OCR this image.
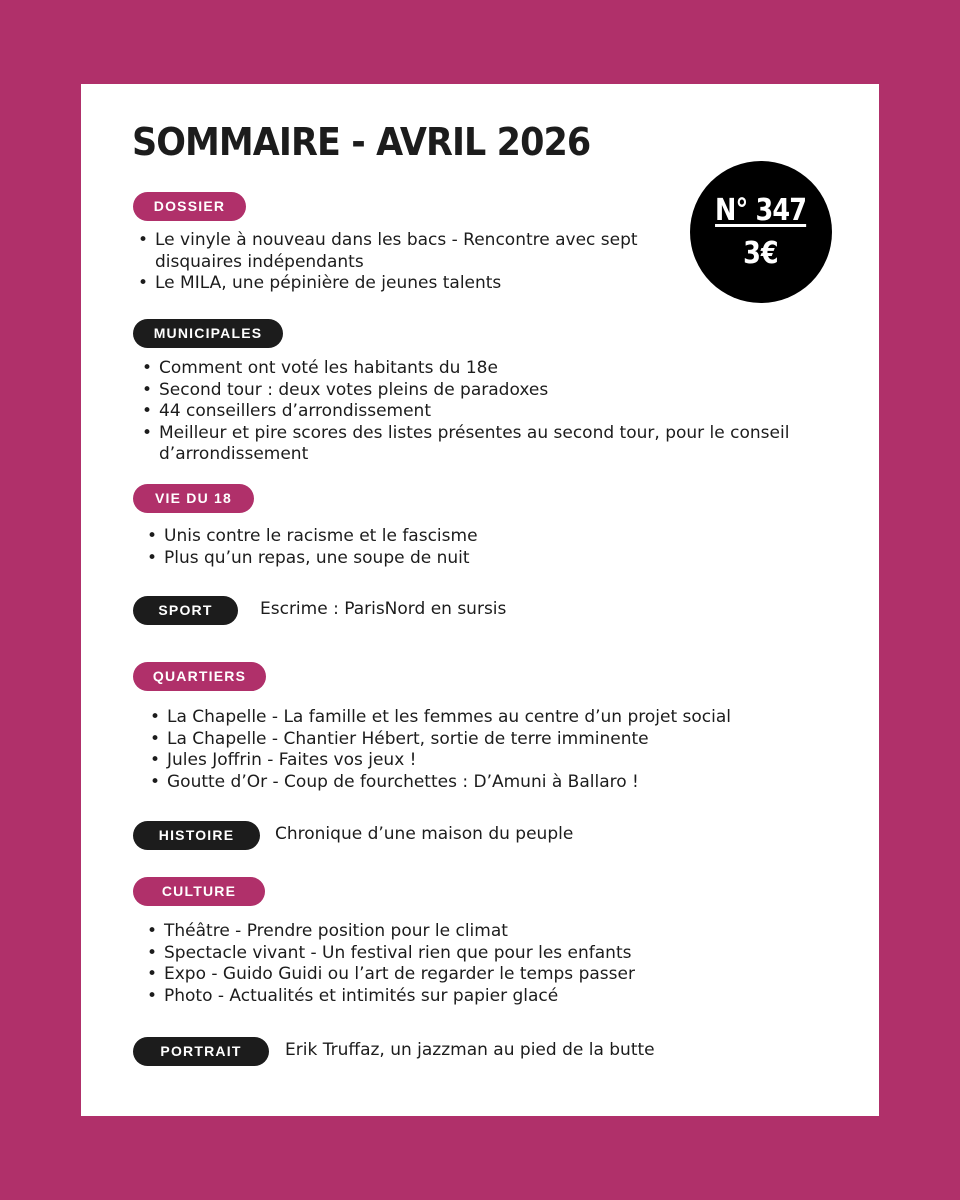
SOMMAIRE - AVRIL 2026
N° 347
3€
DOSSIER
• Le vinyle à nouveau dans les bacs - Rencontre avec sept disquaires indépendants
• Le MILA, une pépinière de jeunes talents
MUNICIPALES
• Comment ont voté les habitants du 18e
• Second tour : deux votes pleins de paradoxes
• 44 conseillers d’arrondissement
• Meilleur et pire scores des listes présentes au second tour, pour le conseil d’arrondissement
VIE DU 18
• Unis contre le racisme et le fascisme
• Plus qu’un repas, une soupe de nuit
SPORT	Escrime : ParisNord en sursis
QUARTIERS
• La Chapelle - La famille et les femmes au centre d’un projet social
• La Chapelle - Chantier Hébert, sortie de terre imminente
• Jules Joffrin - Faites vos jeux !
• Goutte d’Or - Coup de fourchettes : D’Amuni à Ballaro !
HISTOIRE	Chronique d’une maison du peuple
CULTURE
• Théâtre - Prendre position pour le climat
• Spectacle vivant - Un festival rien que pour les enfants
• Expo - Guido Guidi ou l’art de regarder le temps passer
• Photo - Actualités et intimités sur papier glacé
PORTRAIT	Erik Truffaz, un jazzman au pied de la butte
